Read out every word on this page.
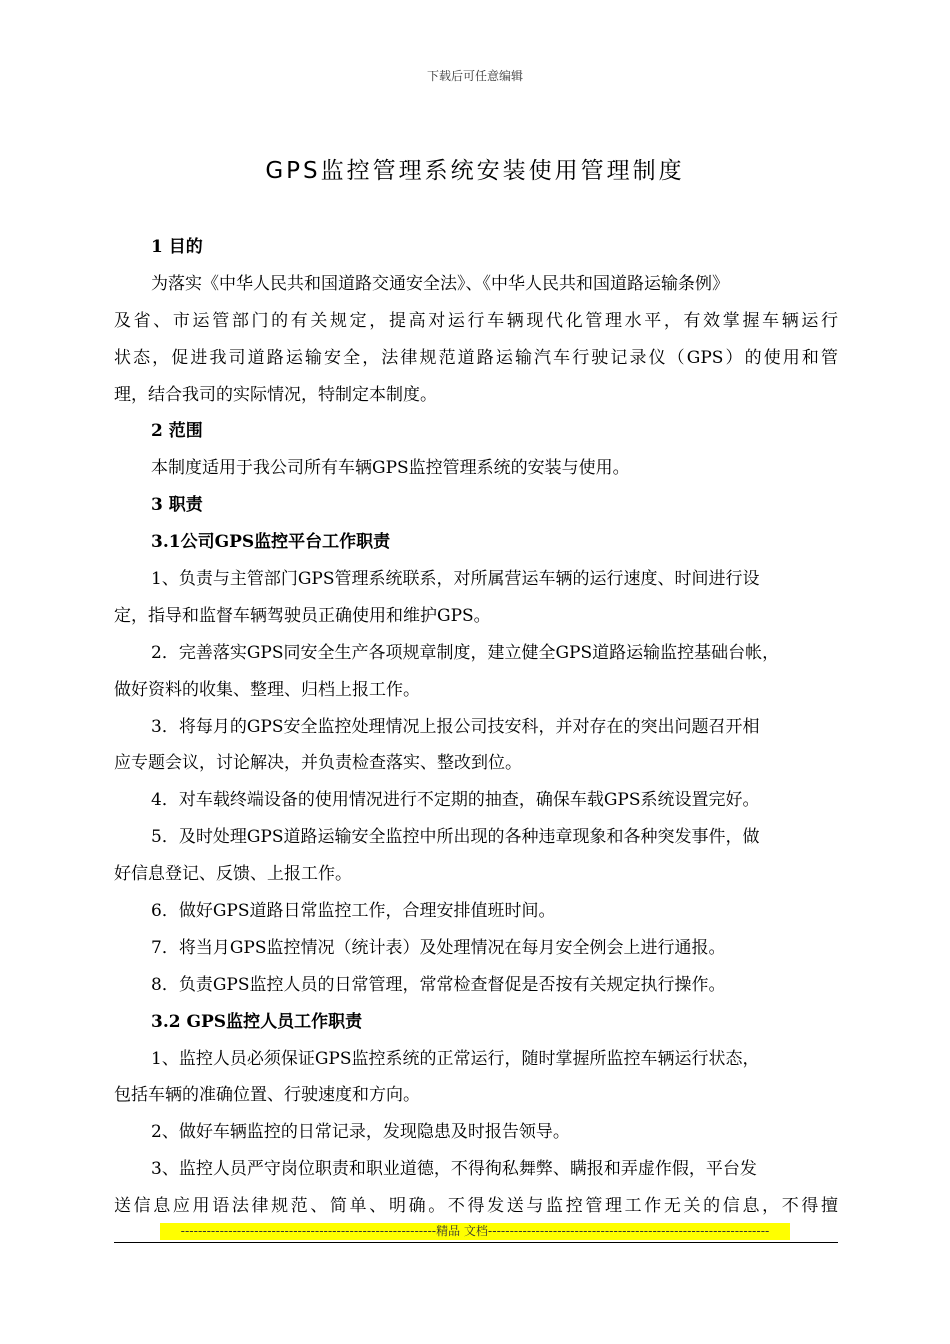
下载后可任意编辑
GPS监控管理系统安装使用管理制度
1 目的
为落实《中华人民共和国道路交通安全法》、《中华人民共和国道路运输条例》
及省、市运管部门的有关规定，提高对运行车辆现代化管理水平，有效掌握车辆运行
状态，促进我司道路运输安全，法律规范道路运输汽车行驶记录仪（GPS）的使用和管
理，结合我司的实际情况，特制定本制度。
2 范围
本制度适用于我公司所有车辆GPS监控管理系统的安装与使用。
3 职责
3.1公司GPS监控平台工作职责
1、负责与主管部门GPS管理系统联系，对所属营运车辆的运行速度、时间进行设
定，指导和监督车辆驾驶员正确使用和维护GPS。
2．完善落实GPS同安全生产各项规章制度，建立健全GPS道路运输监控基础台帐，
做好资料的收集、整理、归档上报工作。
3．将每月的GPS安全监控处理情况上报公司技安科，并对存在的突出问题召开相
应专题会议，讨论解决，并负责检查落实、整改到位。
4．对车载终端设备的使用情况进行不定期的抽查，确保车载GPS系统设置完好。
5．及时处理GPS道路运输安全监控中所出现的各种违章现象和各种突发事件，做
好信息登记、反馈、上报工作。
6．做好GPS道路日常监控工作，合理安排值班时间。
7．将当月GPS监控情况（统计表）及处理情况在每月安全例会上进行通报。
8．负责GPS监控人员的日常管理，常常检查督促是否按有关规定执行操作。
3.2 GPS监控人员工作职责
1、监控人员必须保证GPS监控系统的正常运行，随时掌握所监控车辆运行状态，
包括车辆的准确位置、行驶速度和方向。
2、做好车辆监控的日常记录，发现隐患及时报告领导。
3、监控人员严守岗位职责和职业道德，不得徇私舞弊、瞒报和弄虚作假，平台发
送信息应用语法律规范、简单、明确。不得发送与监控管理工作无关的信息，不得擅
-----------------------------------------------------------精品 文档-----------------------------------------------------------------
